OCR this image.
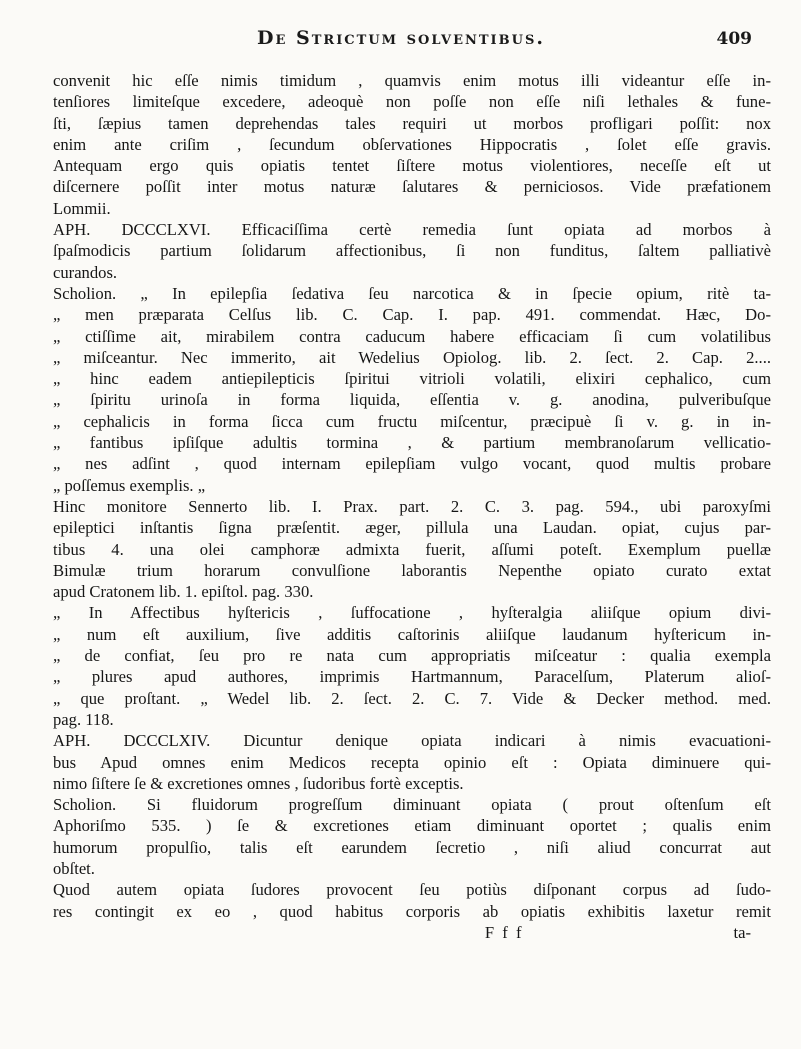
De Strictum solventibus.	409

convenit hic eſſe nimis timidum , quamvis enim motus illi videantur eſſe in-

tenſiores limiteſque excedere, adeoquè non poſſe non eſſe niſi lethales & fune-

ſti, ſæpius tamen deprehendas tales requiri ut morbos profligari poſſit: nox

enim ante criſim , ſecundum obſervationes Hippocratis , ſolet eſſe gravis.

Antequam ergo quis opiatis tentet ſiſtere motus violentiores, neceſſe eſt ut

diſcernere poſſit inter motus naturæ ſalutares & perniciosos. Vide præfationem

Lommii.

APH. DCCCLXVI. Efficaciſſima certè remedia ſunt opiata ad morbos à

ſpaſmodicis partium ſolidarum affectionibus, ſi non funditus, ſaltem palliativè

curandos.

Scholion. „ In epilepſia ſedativa ſeu narcotica & in ſpecie opium, ritè ta-

„ men præparata Celſus lib. C. Cap. I. pap. 491. commendat. Hæc, Do-

„ ctiſſime ait, mirabilem contra caducum habere efficaciam ſi cum volatilibus

„ miſceantur. Nec immerito, ait Wedelius Opiolog. lib. 2. ſect. 2. Cap. 2....

„ hinc eadem antiepilepticis ſpiritui vitrioli volatili, elixiri cephalico, cum

„ ſpiritu urinoſa in forma liquida, eſſentia v. g. anodina, pulveribuſque

„ cephalicis in forma ſicca cum fructu miſcentur, præcipuè ſi v. g. in in-

„ fantibus ipſiſque adultis tormina , & partium membranoſarum vellicatio-

„ nes adſint , quod internam epilepſiam vulgo vocant, quod multis probare

„ poſſemus exemplis. „

Hinc monitore Sennerto lib. I. Prax. part. 2. C. 3. pag. 594., ubi paroxyſmi

epileptici inſtantis ſigna præſentit. æger, pillula una Laudan. opiat, cujus par-

tibus 4. una olei camphoræ admixta fuerit, aſſumi poteſt. Exemplum puellæ

Bimulæ trium horarum convulſione laborantis Nepenthe opiato curato extat

apud Cratonem lib. 1. epiſtol. pag. 330.

„ In Affectibus hyſtericis , ſuffocatione , hyſteralgia aliiſque opium divi-

„ num eſt auxilium, ſive additis caſtorinis aliiſque laudanum hyſtericum in-

„ de confiat, ſeu pro re nata cum appropriatis miſceatur : qualia exempla

„ plures apud authores, imprimis Hartmannum, Paracelſum, Platerum alioſ-

„ que proſtant. „ Wedel lib. 2. ſect. 2. C. 7. Vide & Decker method. med.

pag. 118.

APH. DCCCLXIV. Dicuntur denique opiata indicari à nimis evacuationi-

bus Apud omnes enim Medicos recepta opinio eſt : Opiata diminuere qui-

nimo ſiſtere ſe & excretiones omnes , ſudoribus fortè exceptis.

Scholion. Si fluidorum progreſſum diminuant opiata ( prout oſtenſum eſt

Aphoriſmo 535. ) ſe & excretiones etiam diminuant oportet ; qualis enim

humorum propulſio, talis eſt earundem ſecretio , niſi aliud concurrat aut

obſtet.

Quod autem opiata ſudores provocent ſeu potiùs diſponant corpus ad ſudo-

res contingit ex eo , quod habitus corporis ab opiatis exhibitis laxetur remit

F f f	ta-
